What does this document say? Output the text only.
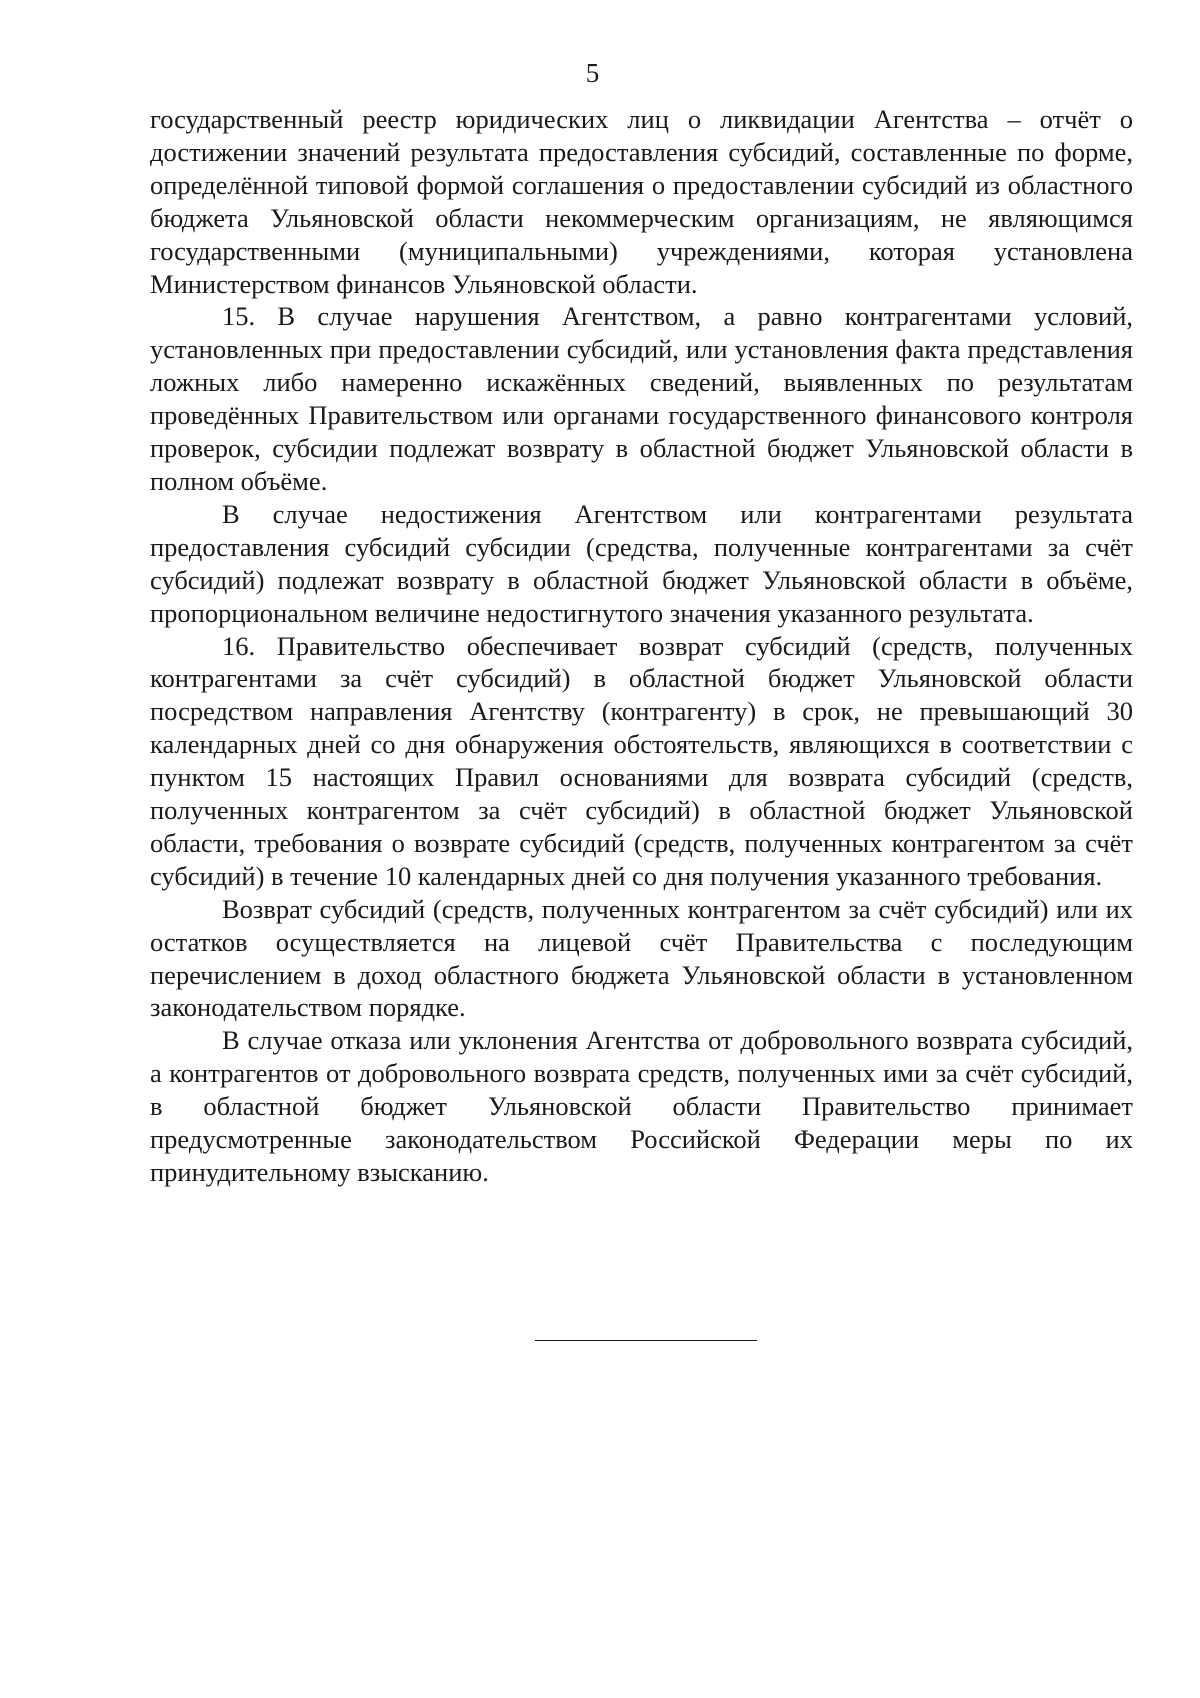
5

государственный реестр юридических лиц о ликвидации Агентства – отчёт о достижении значений результата предоставления субсидий, составленные по форме, определённой типовой формой соглашения о предоставлении субсидий из областного бюджета Ульяновской области некоммерческим организациям, не являющимся государственными (муниципальными) учреждениями, которая установлена Министерством финансов Ульяновской области.

15. В случае нарушения Агентством, а равно контрагентами условий, установленных при предоставлении субсидий, или установления факта представления ложных либо намеренно искажённых сведений, выявленных по результатам проведённых Правительством или органами государственного финансового контроля проверок, субсидии подлежат возврату в областной бюджет Ульяновской области в полном объёме.

В случае недостижения Агентством или контрагентами результата предоставления субсидий субсидии (средства, полученные контрагентами за счёт субсидий) подлежат возврату в областной бюджет Ульяновской области в объёме, пропорциональном величине недостигнутого значения указанного результата.

16. Правительство обеспечивает возврат субсидий (средств, полученных контрагентами за счёт субсидий) в областной бюджет Ульяновской области посредством направления Агентству (контрагенту) в срок, не превышающий 30 календарных дней со дня обнаружения обстоятельств, являющихся в соответствии с пунктом 15 настоящих Правил основаниями для возврата субсидий (средств, полученных контрагентом за счёт субсидий) в областной бюджет Ульяновской области, требования о возврате субсидий (средств, полученных контрагентом за счёт субсидий) в течение 10 календарных дней со дня получения указанного требования.

Возврат субсидий (средств, полученных контрагентом за счёт субсидий) или их остатков осуществляется на лицевой счёт Правительства с последующим перечислением в доход областного бюджета Ульяновской области в установленном законодательством порядке.

В случае отказа или уклонения Агентства от добровольного возврата субсидий, а контрагентов от добровольного возврата средств, полученных ими за счёт субсидий, в областной бюджет Ульяновской области Правительство принимает предусмотренные законодательством Российской Федерации меры по их принудительному взысканию.
